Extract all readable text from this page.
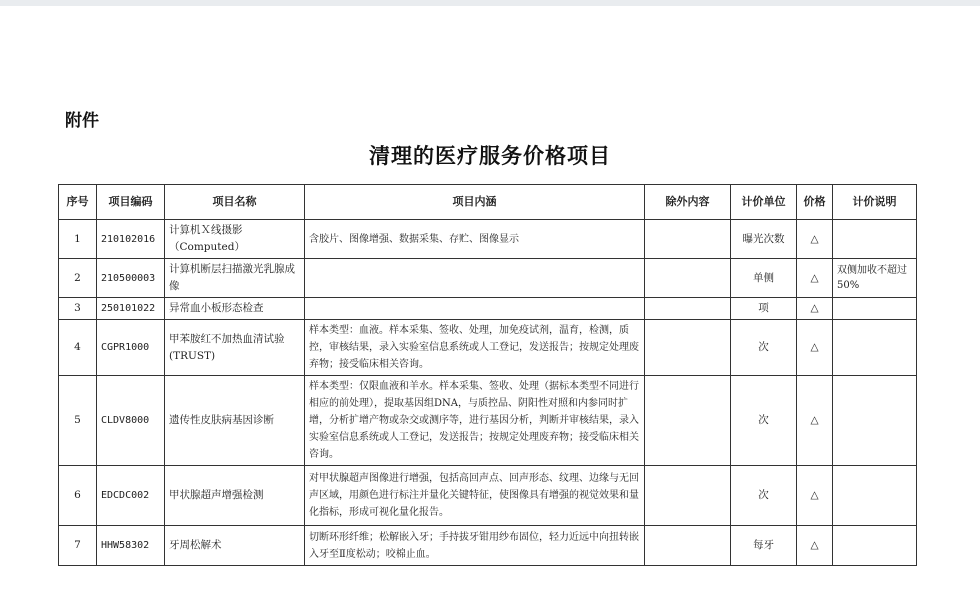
附件
清理的医疗服务价格项目
序号	项目编码	项目名称	项目内涵	除外内容	计价单位	价格	计价说明
1	210102016	计算机Ｘ线摄影（Computed）	含胶片、图像增强、数据采集、存贮、图像显示		曝光次数	△	
2	210500003	计算机断层扫描激光乳腺成像			单侧	△	双侧加收不超过50%
3	250101022	异常血小板形态检查			项	△	
4	CGPR1000	甲苯胺红不加热血清试验(TRUST)	样本类型：血液。样本采集、签收、处理，加免疫试剂，温育，检测，质控，审核结果，录入实验室信息系统或人工登记，发送报告；按规定处理废弃物；接受临床相关咨询。		次	△	
5	CLDV8000	遗传性皮肤病基因诊断	样本类型：仅限血液和羊水。样本采集、签收、处理（据标本类型不同进行相应的前处理），提取基因组DNA，与质控品、阴阳性对照和内参同时扩增，分析扩增产物或杂交或测序等，进行基因分析，判断并审核结果，录入实验室信息系统或人工登记，发送报告；按规定处理废弃物；接受临床相关咨询。		次	△	
6	EDCDC002	甲状腺超声增强检测	对甲状腺超声图像进行增强，包括高回声点、回声形态、纹理、边缘与无回声区域，用颜色进行标注并量化关键特征，使图像具有增强的视觉效果和量化指标，形成可视化量化报告。		次	△	
7	HHW58302	牙周松解术	切断环形纤维；松解嵌入牙；手持拔牙钳用纱布固位，轻力近远中向扭转嵌入牙至Ⅱ度松动；咬棉止血。		每牙	△	
